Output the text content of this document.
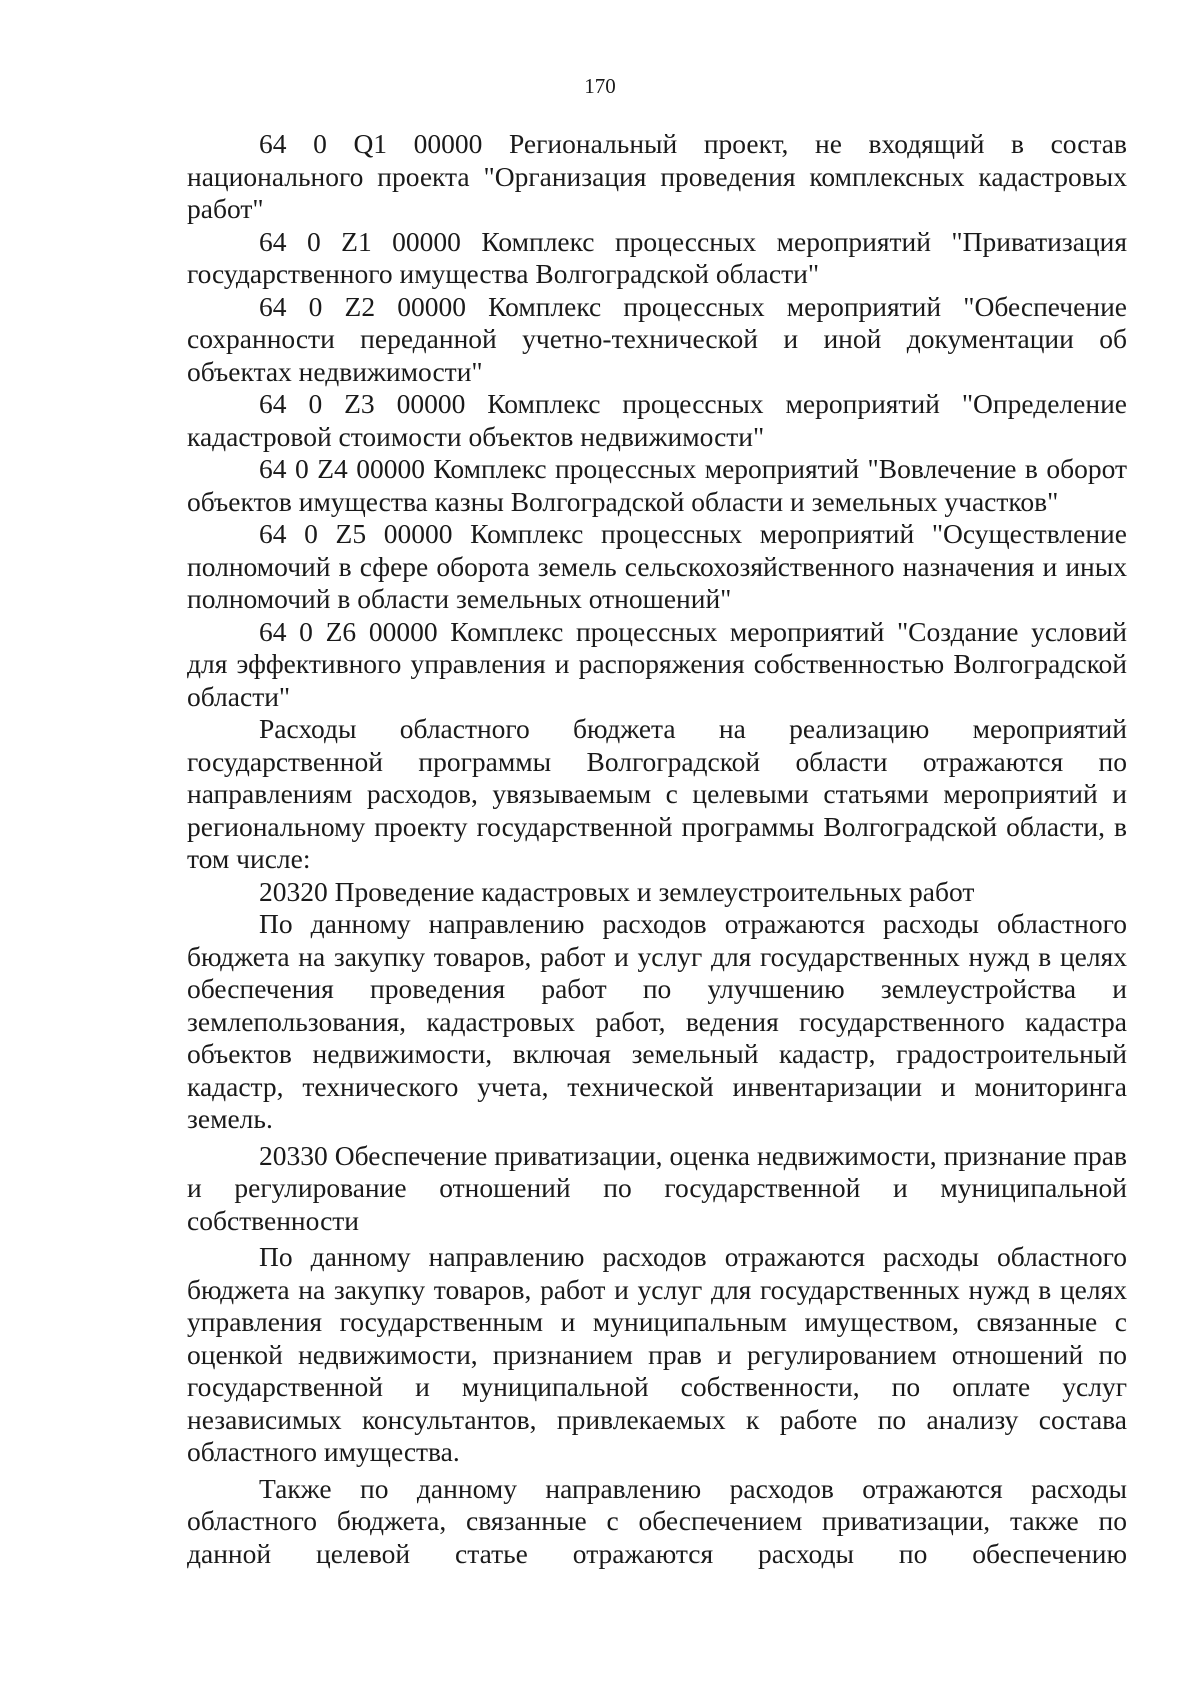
170

64 0 Q1 00000 Региональный проект, не входящий в состав национального проекта "Организация проведения комплексных кадастровых работ"

64 0 Z1 00000 Комплекс процессных мероприятий "Приватизация государственного имущества Волгоградской области"

64 0 Z2 00000 Комплекс процессных мероприятий "Обеспечение сохранности переданной учетно-технической и иной документации об объектах недвижимости"

64 0 Z3 00000 Комплекс процессных мероприятий "Определение кадастровой стоимости объектов недвижимости"

64 0 Z4 00000 Комплекс процессных мероприятий "Вовлечение в оборот объектов имущества казны Волгоградской области и земельных участков"

64 0 Z5 00000 Комплекс процессных мероприятий "Осуществление полномочий в сфере оборота земель сельскохозяйственного назначения и иных полномочий в области земельных отношений"

64 0 Z6 00000 Комплекс процессных мероприятий "Создание условий для эффективного управления и распоряжения собственностью Волгоградской области"

Расходы областного бюджета на реализацию мероприятий государственной программы Волгоградской области отражаются по направлениям расходов, увязываемым с целевыми статьями мероприятий и региональному проекту государственной программы Волгоградской области, в том числе:

20320 Проведение кадастровых и землеустроительных работ

По данному направлению расходов отражаются расходы областного бюджета на закупку товаров, работ и услуг для государственных нужд в целях обеспечения проведения работ по улучшению землеустройства и землепользования, кадастровых работ, ведения государственного кадастра объектов недвижимости, включая земельный кадастр, градостроительный кадастр, технического учета, технической инвентаризации и мониторинга земель.

20330 Обеспечение приватизации, оценка недвижимости, признание прав и регулирование отношений по государственной и муниципальной собственности

По данному направлению расходов отражаются расходы областного бюджета на закупку товаров, работ и услуг для государственных нужд в целях управления государственным и муниципальным имуществом, связанные с оценкой недвижимости, признанием прав и регулированием отношений по государственной и муниципальной собственности, по оплате услуг независимых консультантов, привлекаемых к работе по анализу состава областного имущества.

Также по данному направлению расходов отражаются расходы областного бюджета, связанные с обеспечением приватизации, также по данной целевой статье отражаются расходы по обеспечению
